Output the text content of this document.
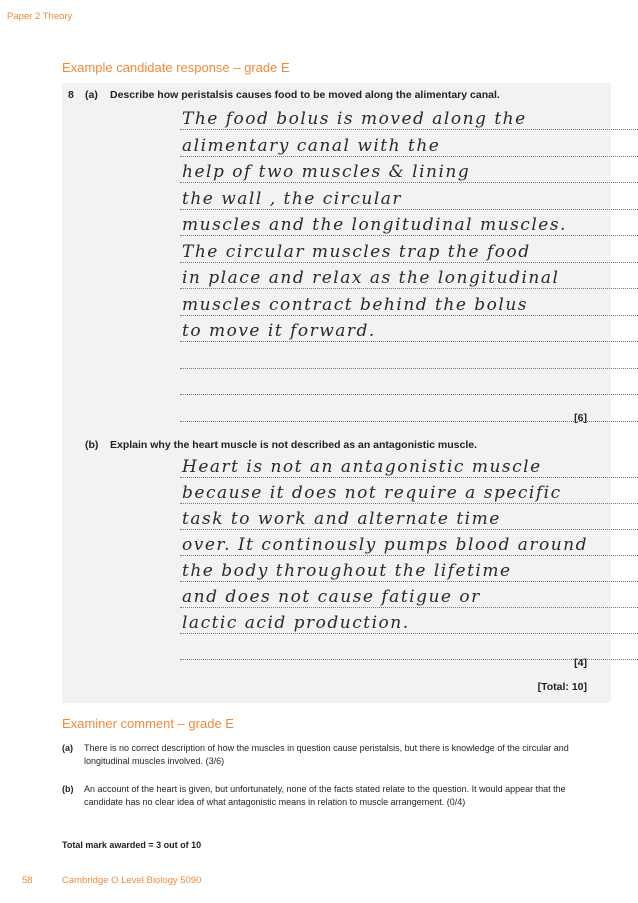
Paper 2 Theory
Example candidate response – grade E
8 (a) Describe how peristalsis causes food to be moved along the alimentary canal.
The food bolus is moved along the
alimentary canal with the
help of two muscles & lining
the wall , the circular
muscles and the longitudinal muscles.
The circular muscles trap the food
in place and relax as the longitudinal
muscles contract behind the bolus
to move it forward.
[6]
(b) Explain why the heart muscle is not described as an antagonistic muscle.
Heart is not an antagonistic muscle
because it does not require a specific
task to work and alternate time
over. It continously pumps blood around
the body throughout the lifetime
and does not cause fatigue or
lactic acid production.
[4]
[Total: 10]
Examiner comment – grade E
(a) There is no correct description of how the muscles in question cause peristalsis, but there is knowledge of the circular and longitudinal muscles involved. (3/6)
(b) An account of the heart is given, but unfortunately, none of the facts stated relate to the question. It would appear that the candidate has no clear idea of what antagonistic means in relation to muscle arrangement. (0/4)
Total mark awarded = 3 out of 10
58	Cambridge O Level Biology 5090
